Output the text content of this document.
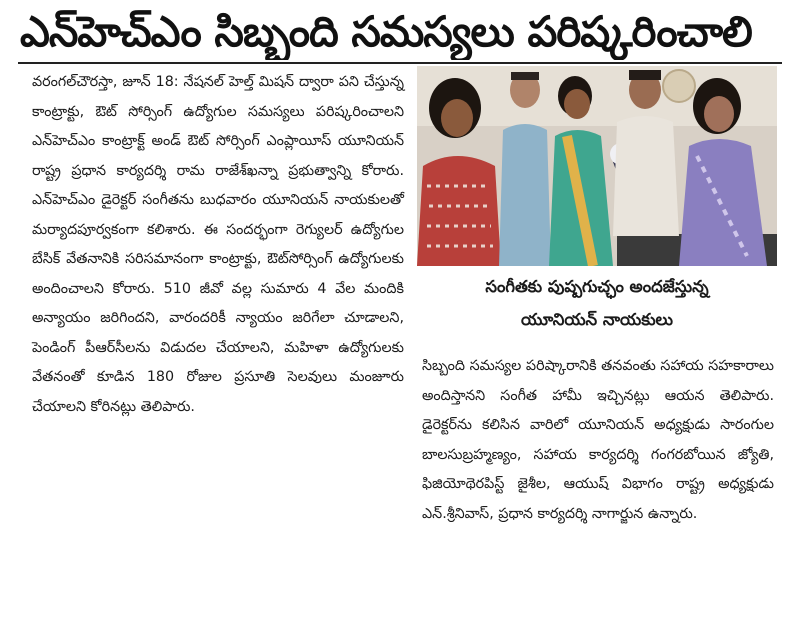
ఎన్‌హెచ్‌ఎం సిబ్బంది సమస్యలు పరిష్కరించాలి

వరంగల్‌చౌరస్తా, జూన్ 18: నేషనల్ హెల్త్ మిషన్ ద్వారా పని చేస్తున్న కాంట్రాక్టు, ఔట్ సోర్సింగ్ ఉద్యోగుల సమస్యలు పరిష్కరించాలని ఎన్‌హెచ్‌ఎం కాంట్రాక్ట్ అండ్ ఔట్ సోర్సింగ్ ఎంప్లాయీస్ యూనియన్ రాష్ట్ర ప్రధాన కార్యదర్శి రామ రాజేశ్‌ఖన్నా ప్రభుత్వాన్ని కోరారు. ఎన్‌హెచ్‌ఎం డైరెక్టర్ సంగీతను బుధవారం యూనియన్ నాయకులతో మర్యాదపూర్వకంగా కలిశారు. ఈ సందర్భంగా రెగ్యులర్ ఉద్యోగుల బేసిక్ వేతనానికి సరిసమానంగా కాంట్రాక్టు, ఔట్‌సోర్సింగ్ ఉద్యోగులకు అందించాలని కోరారు. 510 జీవో వల్ల సుమారు 4 వేల మందికి అన్యాయం జరిగిందని, వారందరికీ న్యాయం జరిగేలా చూడాలని, పెండింగ్ పీఆర్‌సీలను విడుదల చేయాలని, మహిళా ఉద్యోగులకు వేతనంతో కూడిన 180 రోజుల ప్రసూతి సెలవులు మంజూరు చేయాలని కోరినట్లు తెలిపారు.

సంగీతకు పుష్పగుచ్ఛం అందజేస్తున్న
యూనియన్ నాయకులు

సిబ్బంది సమస్యల పరిష్కారానికి తనవంతు సహాయ సహకారాలు అందిస్తానని సంగీత హామీ ఇచ్చినట్లు ఆయన తెలిపారు. డైరెక్టర్‌ను కలిసిన వారిలో యూనియన్ అధ్యక్షుడు సారంగుల బాలసుబ్రహ్మణ్యం, సహాయ కార్యదర్శి గంగరబోయిన జ్యోతి, ఫిజియోథెరపిస్ట్ జైశీల, ఆయుష్ విభాగం రాష్ట్ర అధ్యక్షుడు ఎన్.శ్రీనివాస్, ప్రధాన కార్యదర్శి నాగార్జున ఉన్నారు.
